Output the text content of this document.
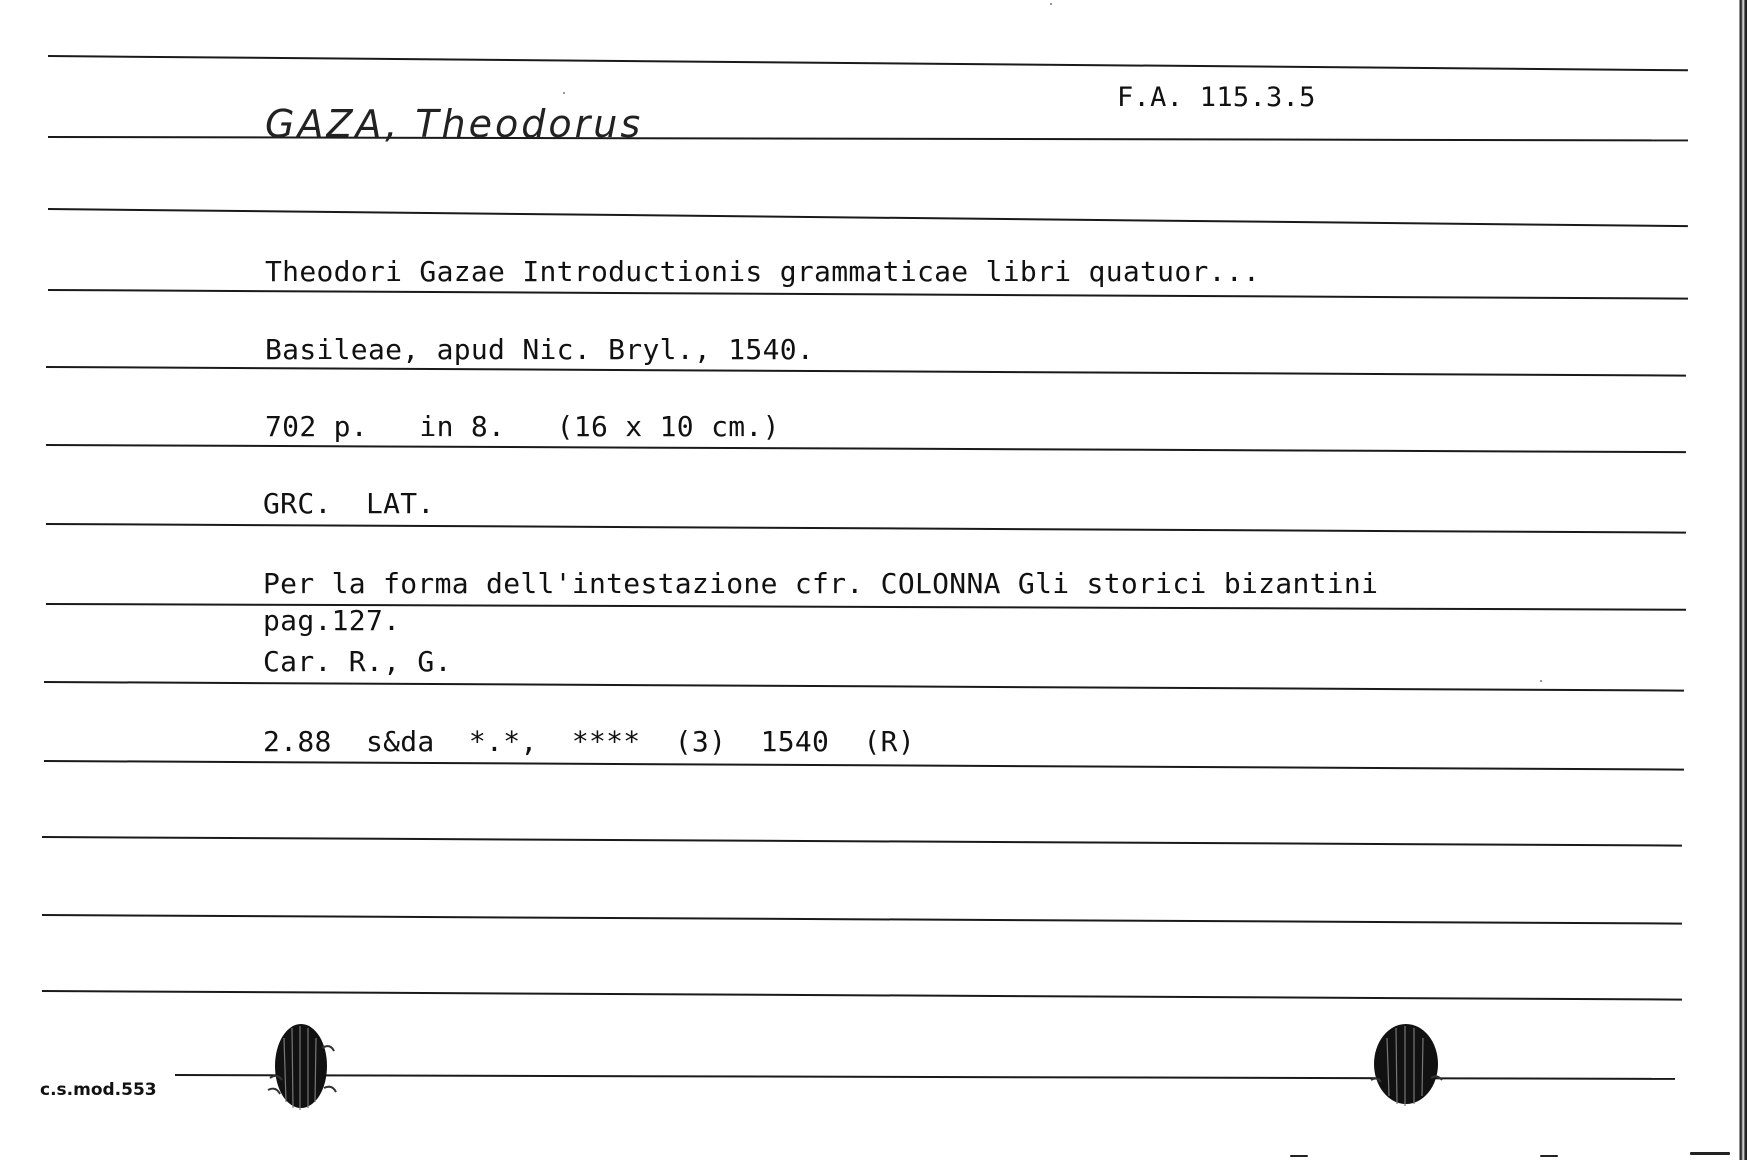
F.A. 115.3.5
GAZA, Theodorus
Theodori Gazae Introductionis grammaticae libri quatuor...
Basileae, apud Nic. Bryl., 1540.
702 p.   in 8.   (16 x 10 cm.)
GRC.  LAT.
Per la forma dell'intestazione cfr. COLONNA Gli storici bizantini
pag.127.
Car. R., G.
2.88  s&da  *.*,  ****  (3)  1540  (R)
c.s.mod.553
